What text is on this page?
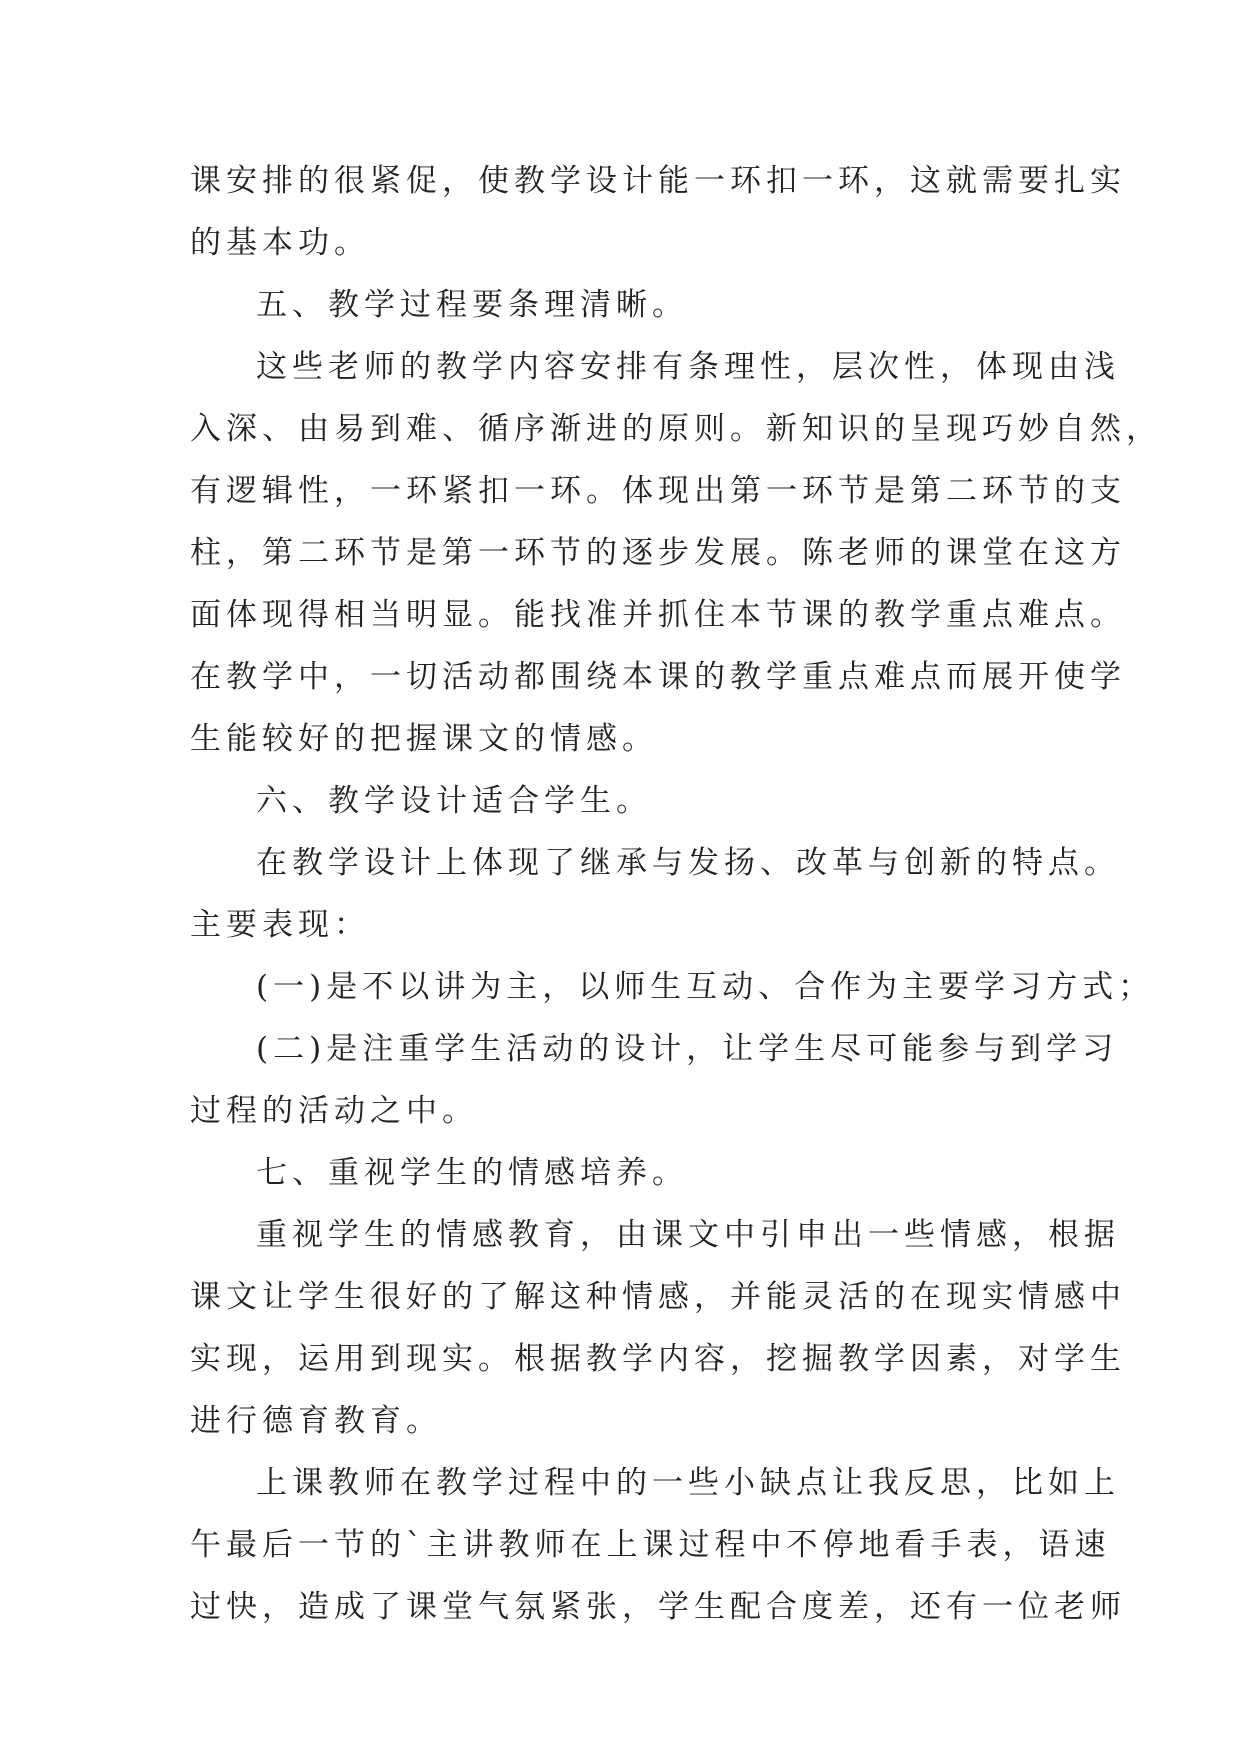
课安排的很紧促，使教学设计能一环扣一环，这就需要扎实
的基本功。
五、教学过程要条理清晰。
这些老师的教学内容安排有条理性，层次性，体现由浅
入深、由易到难、循序渐进的原则。新知识的呈现巧妙自然，
有逻辑性，一环紧扣一环。体现出第一环节是第二环节的支
柱，第二环节是第一环节的逐步发展。陈老师的课堂在这方
面体现得相当明显。能找准并抓住本节课的教学重点难点。
在教学中，一切活动都围绕本课的教学重点难点而展开使学
生能较好的把握课文的情感。
六、教学设计适合学生。
在教学设计上体现了继承与发扬、改革与创新的特点。
主要表现：
(一)是不以讲为主，以师生互动、合作为主要学习方式；
(二)是注重学生活动的设计，让学生尽可能参与到学习
过程的活动之中。
七、重视学生的情感培养。
重视学生的情感教育，由课文中引申出一些情感，根据
课文让学生很好的了解这种情感，并能灵活的在现实情感中
实现，运用到现实。根据教学内容，挖掘教学因素，对学生
进行德育教育。
上课教师在教学过程中的一些小缺点让我反思，比如上
午最后一节的`主讲教师在上课过程中不停地看手表，语速
过快，造成了课堂气氛紧张，学生配合度差，还有一位老师
